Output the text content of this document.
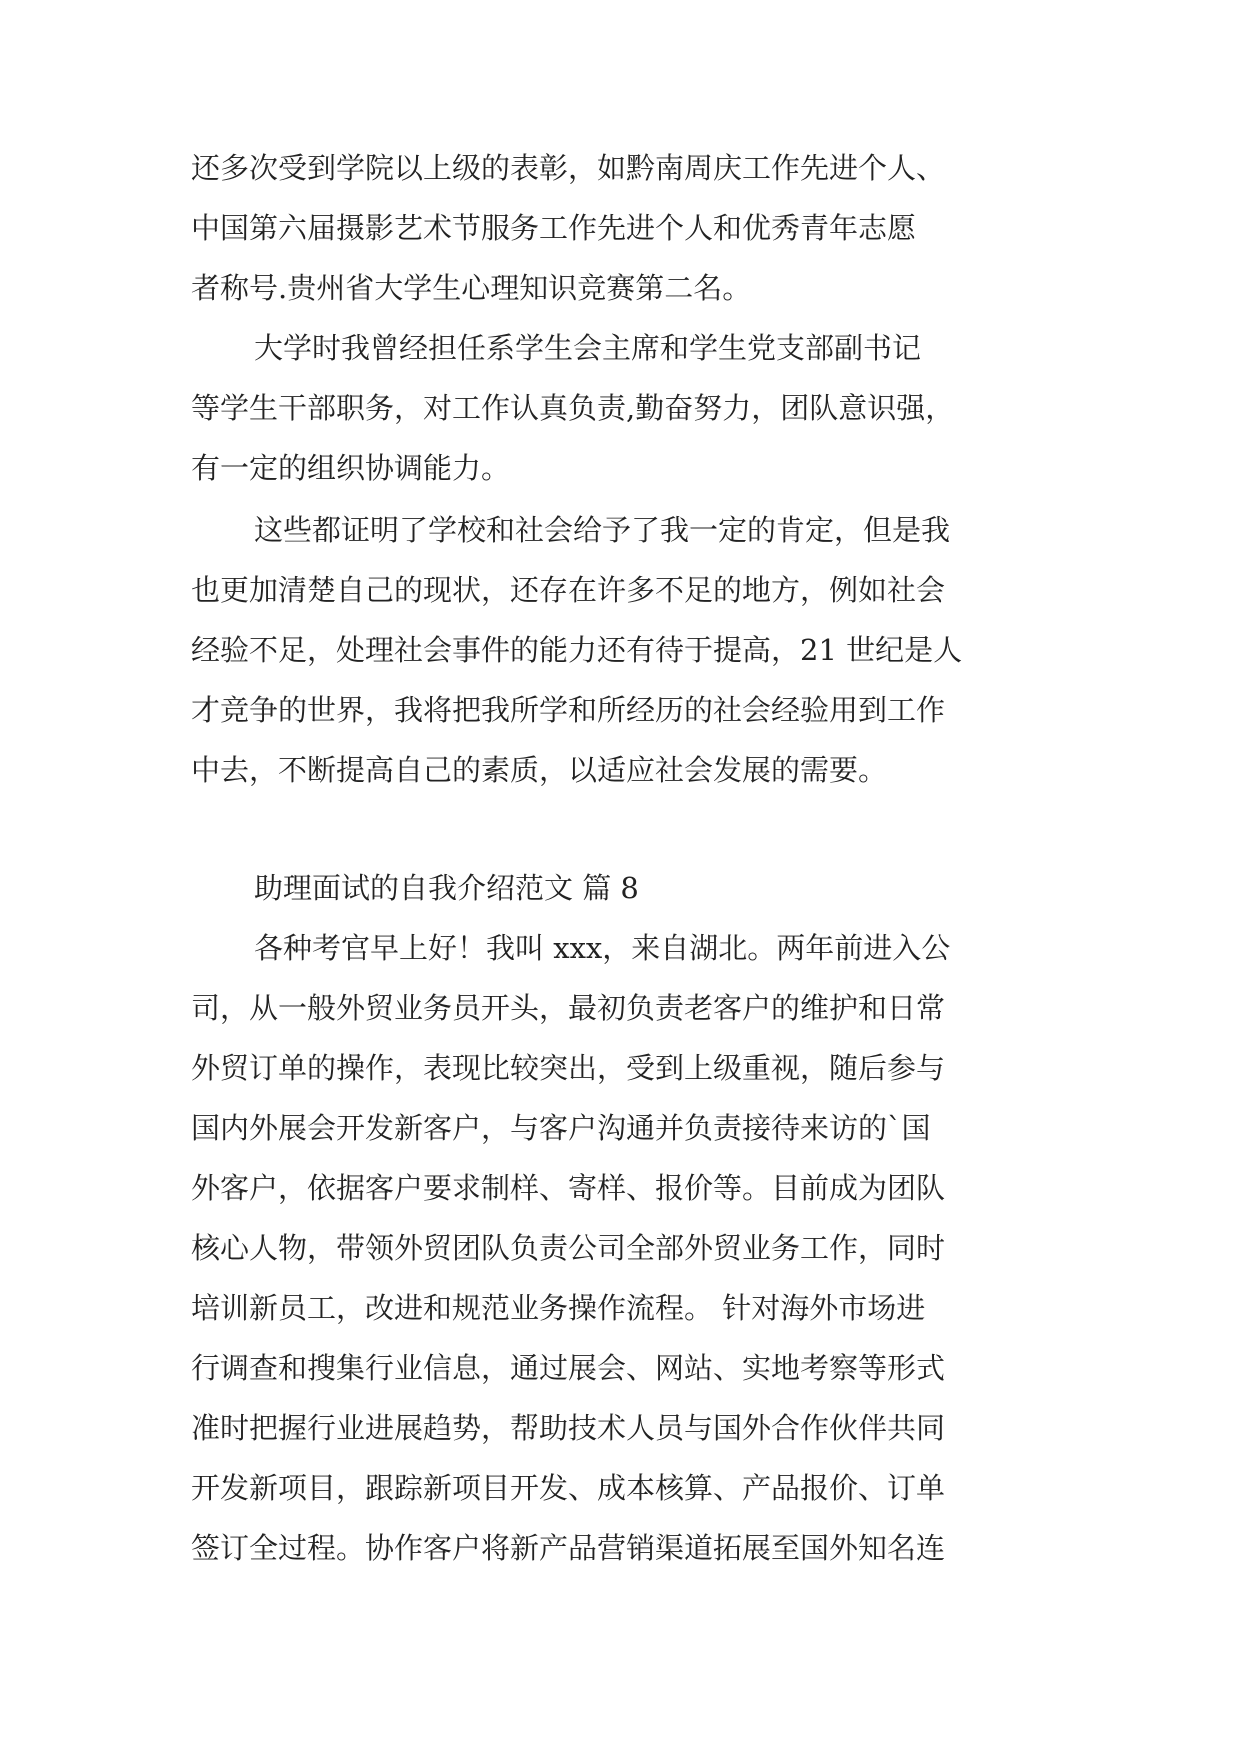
还多次受到学院以上级的表彰，如黔南周庆工作先进个人、
中国第六届摄影艺术节服务工作先进个人和优秀青年志愿
者称号.贵州省大学生心理知识竞赛第二名。
大学时我曾经担任系学生会主席和学生党支部副书记
等学生干部职务，对工作认真负责,勤奋努力，团队意识强，
有一定的组织协调能力。
这些都证明了学校和社会给予了我一定的肯定，但是我
也更加清楚自己的现状，还存在许多不足的地方，例如社会
经验不足，处理社会事件的能力还有待于提高，21 世纪是人
才竞争的世界，我将把我所学和所经历的社会经验用到工作
中去，不断提高自己的素质，以适应社会发展的需要。
助理面试的自我介绍范文 篇 8
各种考官早上好！我叫 xxx，来自湖北。两年前进入公
司，从一般外贸业务员开头，最初负责老客户的维护和日常
外贸订单的操作，表现比较突出，受到上级重视，随后参与
国内外展会开发新客户，与客户沟通并负责接待来访的`国
外客户，依据客户要求制样、寄样、报价等。目前成为团队
核心人物，带领外贸团队负责公司全部外贸业务工作，同时
培训新员工，改进和规范业务操作流程。 针对海外市场进
行调查和搜集行业信息，通过展会、网站、实地考察等形式
准时把握行业进展趋势，帮助技术人员与国外合作伙伴共同
开发新项目，跟踪新项目开发、成本核算、产品报价、订单
签订全过程。协作客户将新产品营销渠道拓展至国外知名连
